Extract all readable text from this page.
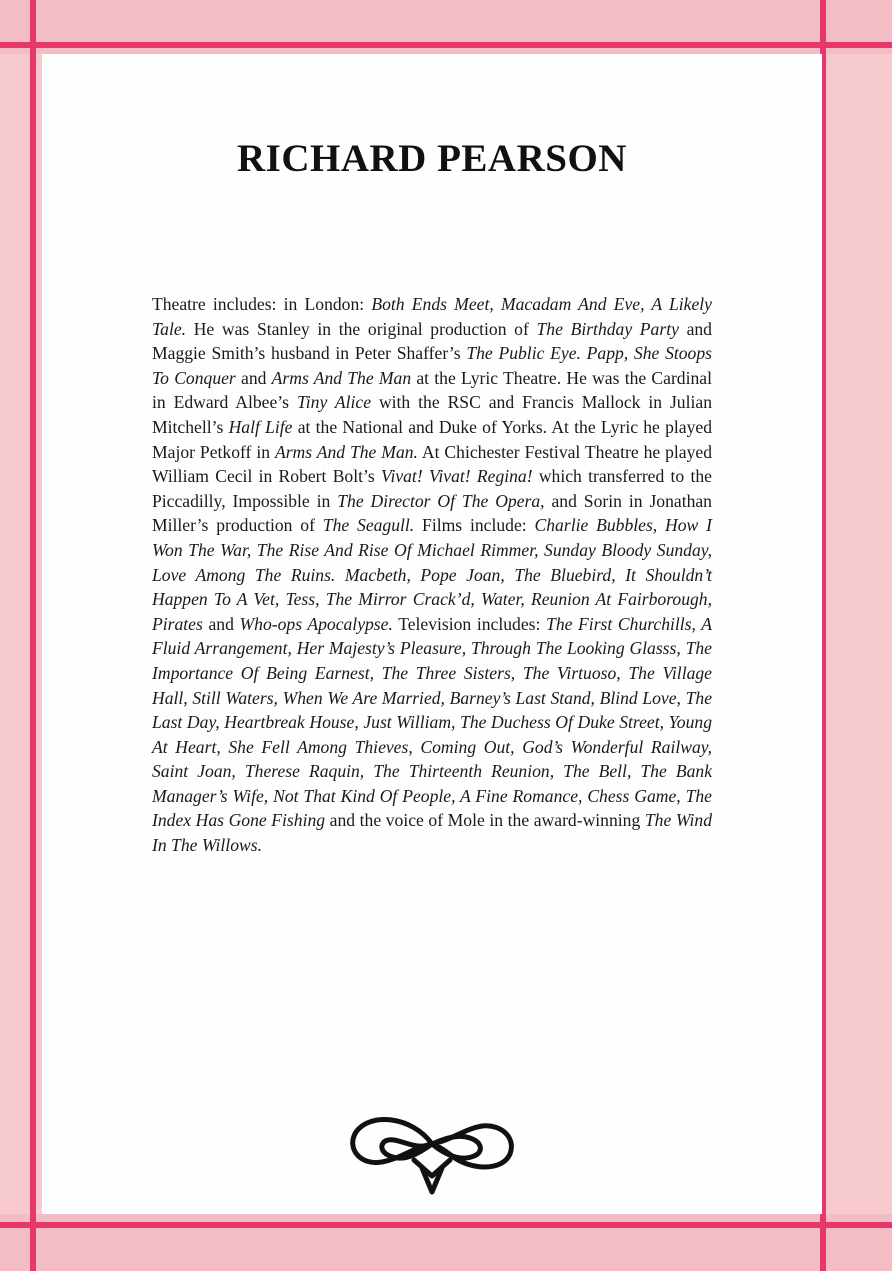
RICHARD PEARSON

Theatre includes: in London: Both Ends Meet, Macadam And Eve, A Likely Tale. He was Stanley in the original production of The Birthday Party and Maggie Smith’s husband in Peter Shaffer’s The Public Eye. Papp, She Stoops To Conquer and Arms And The Man at the Lyric Theatre. He was the Cardinal in Edward Albee’s Tiny Alice with the RSC and Francis Mallock in Julian Mitchell’s Half Life at the National and Duke of Yorks. At the Lyric he played Major Petkoff in Arms And The Man. At Chichester Festival Theatre he played William Cecil in Robert Bolt’s Vivat! Vivat! Regina! which transferred to the Piccadilly, Impossible in The Director Of The Opera, and Sorin in Jonathan Miller’s production of The Seagull. Films include: Charlie Bubbles, How I Won The War, The Rise And Rise Of Michael Rimmer, Sunday Bloody Sunday, Love Among The Ruins. Macbeth, Pope Joan, The Bluebird, It Shouldn’t Happen To A Vet, Tess, The Mirror Crack’d, Water, Reunion At Fairborough, Pirates and Who-ops Apocalypse. Television includes: The First Churchills, A Fluid Arrangement, Her Majesty’s Pleasure, Through The Looking Glasss, The Importance Of Being Earnest, The Three Sisters, The Virtuoso, The Village Hall, Still Waters, When We Are Married, Barney’s Last Stand, Blind Love, The Last Day, Heartbreak House, Just William, The Duchess Of Duke Street, Young At Heart, She Fell Among Thieves, Coming Out, God’s Wonderful Railway, Saint Joan, Therese Raquin, The Thirteenth Reunion, The Bell, The Bank Manager’s Wife, Not That Kind Of People, A Fine Romance, Chess Game, The Index Has Gone Fishing and the voice of Mole in the award-winning The Wind In The Willows.
